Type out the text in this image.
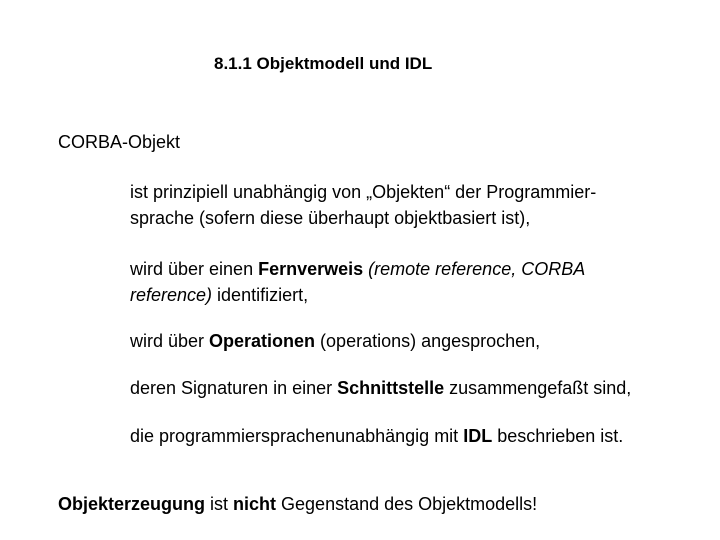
8.1.1 Objektmodell und IDL
CORBA-Objekt
ist prinzipiell unabhängig von „Objekten“ der Programmier-
sprache (sofern diese überhaupt objektbasiert ist),
wird über einen Fernverweis (remote reference, CORBA
reference) identifiziert,
wird über Operationen (operations) angesprochen,
deren Signaturen in einer Schnittstelle zusammengefaßt sind,
die programmiersprachenunabhängig mit IDL beschrieben ist.
Objekterzeugung ist nicht Gegenstand des Objektmodells!
